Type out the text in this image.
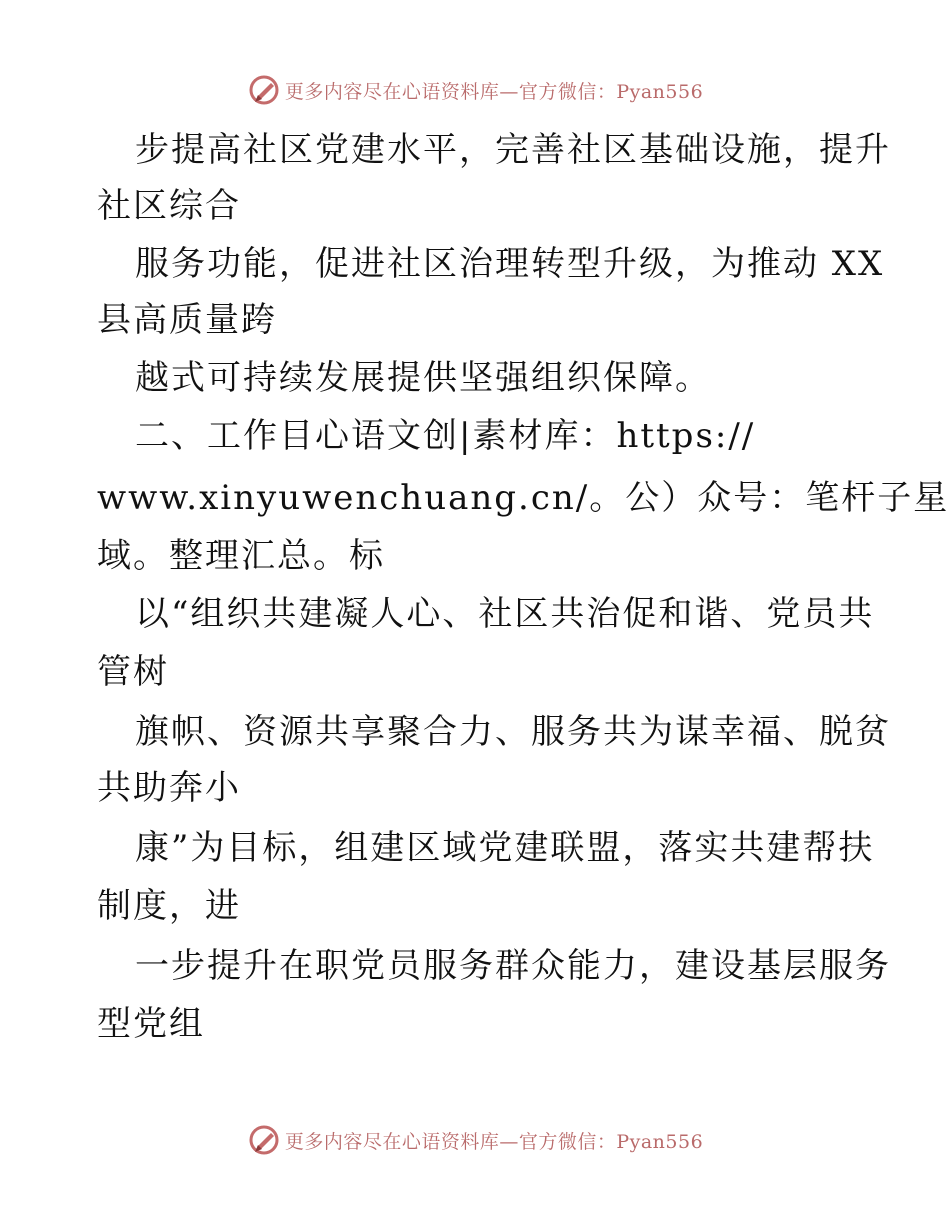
更多内容尽在心语资料库—官方微信：Pyan556
步提高社区党建水平，完善社区基础设施，提升
社区综合
服务功能，促进社区治理转型升级，为推动 XX
县高质量跨
越式可持续发展提供坚强组织保障。
二、工作目心语文创|素材库：https://
www.xinyuwenchuang.cn/。公）众号：笔杆子星
域。整理汇总。标
以“组织共建凝人心、社区共治促和谐、党员共
管树
旗帜、资源共享聚合力、服务共为谋幸福、脱贫
共助奔小
康”为目标，组建区域党建联盟，落实共建帮扶
制度，进
一步提升在职党员服务群众能力，建设基层服务
型党组
更多内容尽在心语资料库—官方微信：Pyan556
